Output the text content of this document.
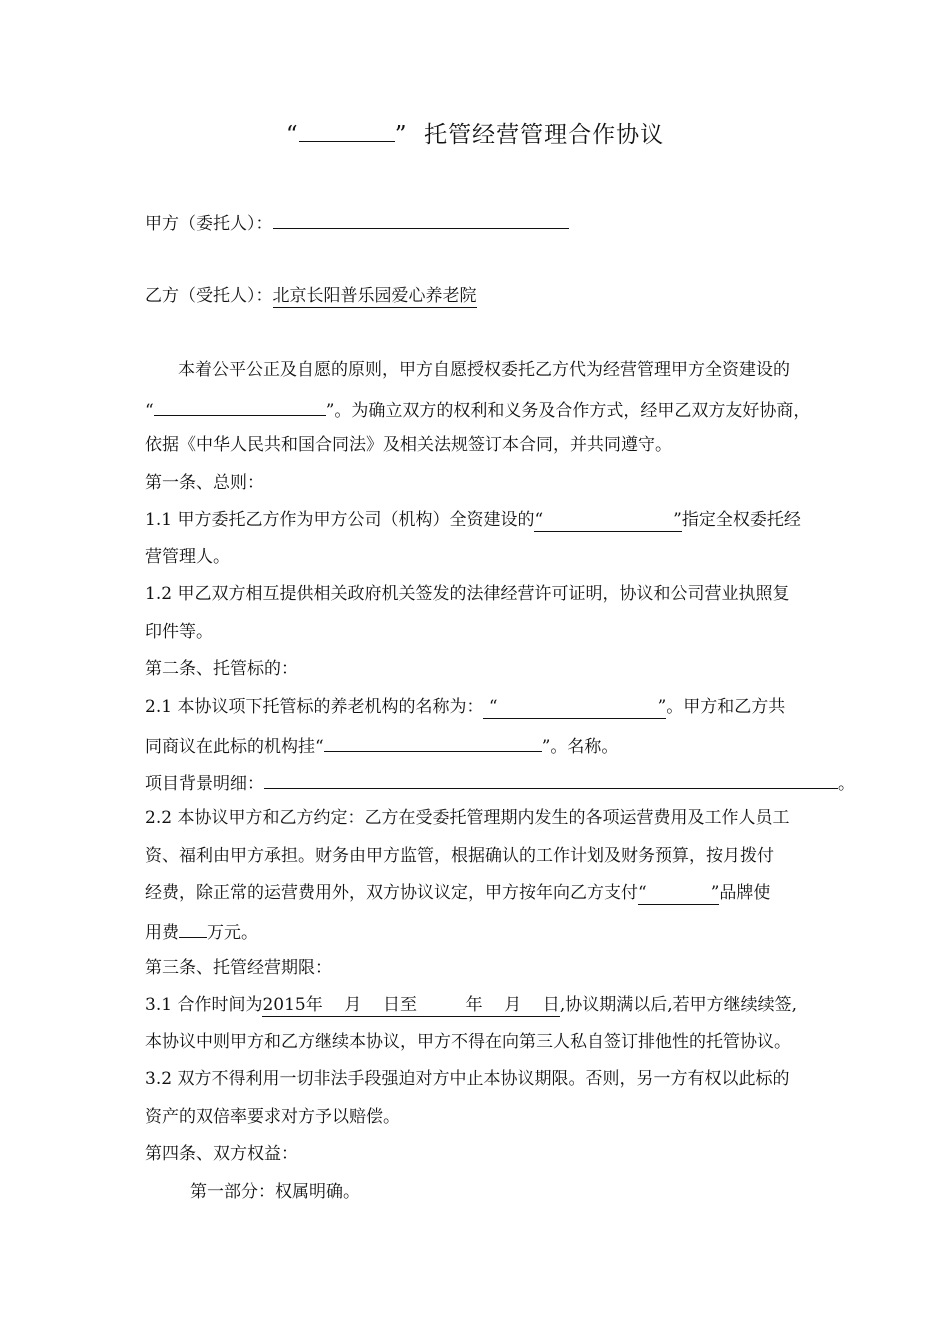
“	” 托管经营管理合作协议
甲方（委托人）：
乙方（受托人）：北京长阳普乐园爱心养老院
本着公平公正及自愿的原则，甲方自愿授权委托乙方代为经营管理甲方全资建设的
“	”。为确立双方的权利和义务及合作方式，经甲乙双方友好协商，
依据《中华人民共和国合同法》及相关法规签订本合同，并共同遵守。
第一条、总则：
1.1 甲方委托乙方作为甲方公司（机构）全资建设的“	”指定全权委托经
营管理人。
1.2 甲乙双方相互提供相关政府机关签发的法律经营许可证明，协议和公司营业执照复
印件等。
第二条、托管标的：
2.1 本协议项下托管标的养老机构的名称为： “	”。甲方和乙方共
同商议在此标的机构挂“	”。名称。
项目背景明细：	。
2.2 本协议甲方和乙方约定：乙方在受委托管理期内发生的各项运营费用及工作人员工
资、福利由甲方承担。财务由甲方监管，根据确认的工作计划及财务预算，按月拨付
经费，除正常的运营费用外，双方协议议定，甲方按年向乙方支付“	”品牌使
用费 万元。
第三条、托管经营期限：
3.1 合作时间为2015年    月    日至         年    月    日,协议期满以后,若甲方继续续签,
本协议中则甲方和乙方继续本协议，甲方不得在向第三人私自签订排他性的托管协议。
3.2 双方不得利用一切非法手段强迫对方中止本协议期限。否则，另一方有权以此标的
资产的双倍率要求对方予以赔偿。
第四条、双方权益：
第一部分：权属明确。
